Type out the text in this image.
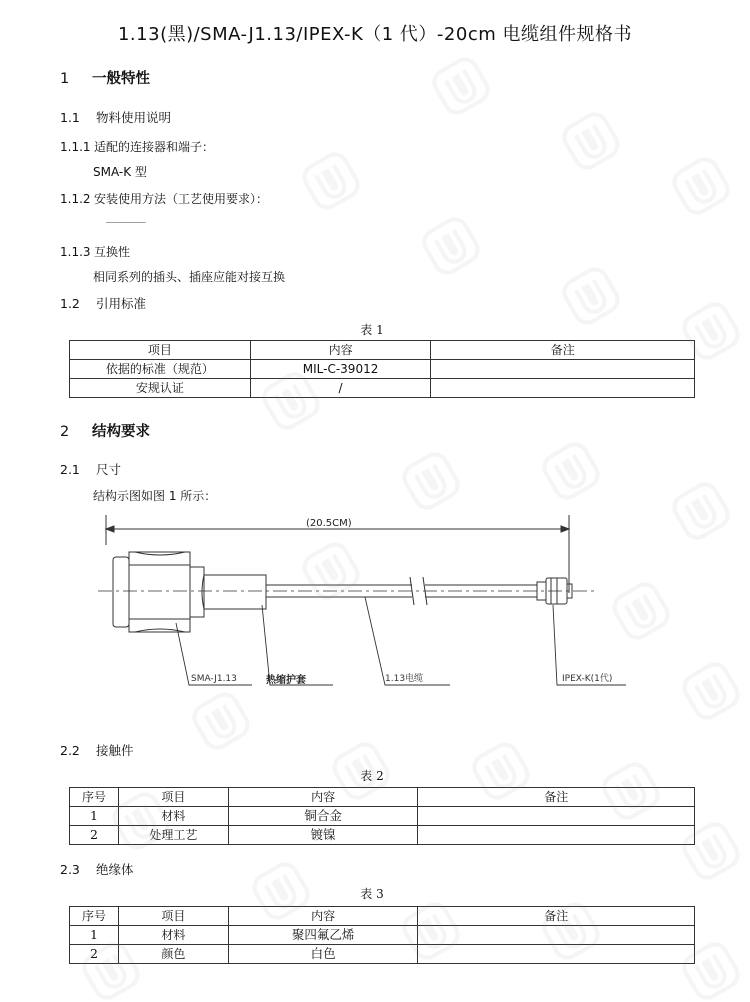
1.13(黑)/SMA-J1.13/IPEX-K（1 代）-20cm 电缆组件规格书
1 一般特性
1.1 物料使用说明
1.1.1 适配的连接器和端子：
SMA-K 型
1.1.2 安装使用方法（工艺使用要求）：
______
1.1.3 互换性
相同系列的插头、插座应能对接互换
1.2 引用标准
表 1
项目	内容	备注
依据的标准（规范）	MIL-C-39012	
安规认证	/	
2 结构要求
2.1 尺寸
结构示图如图 1 所示：
(20.5CM)
SMA-J1.13	热缩护套	1.13电缆	IPEX-K(1代)
2.2 接触件
表 2
序号	项目	内容	备注
1	材料	铜合金	
2	处理工艺	镀镍	
2.3 绝缘体
表 3
序号	项目	内容	备注
1	材料	聚四氟乙烯	
2	颜色	白色	
